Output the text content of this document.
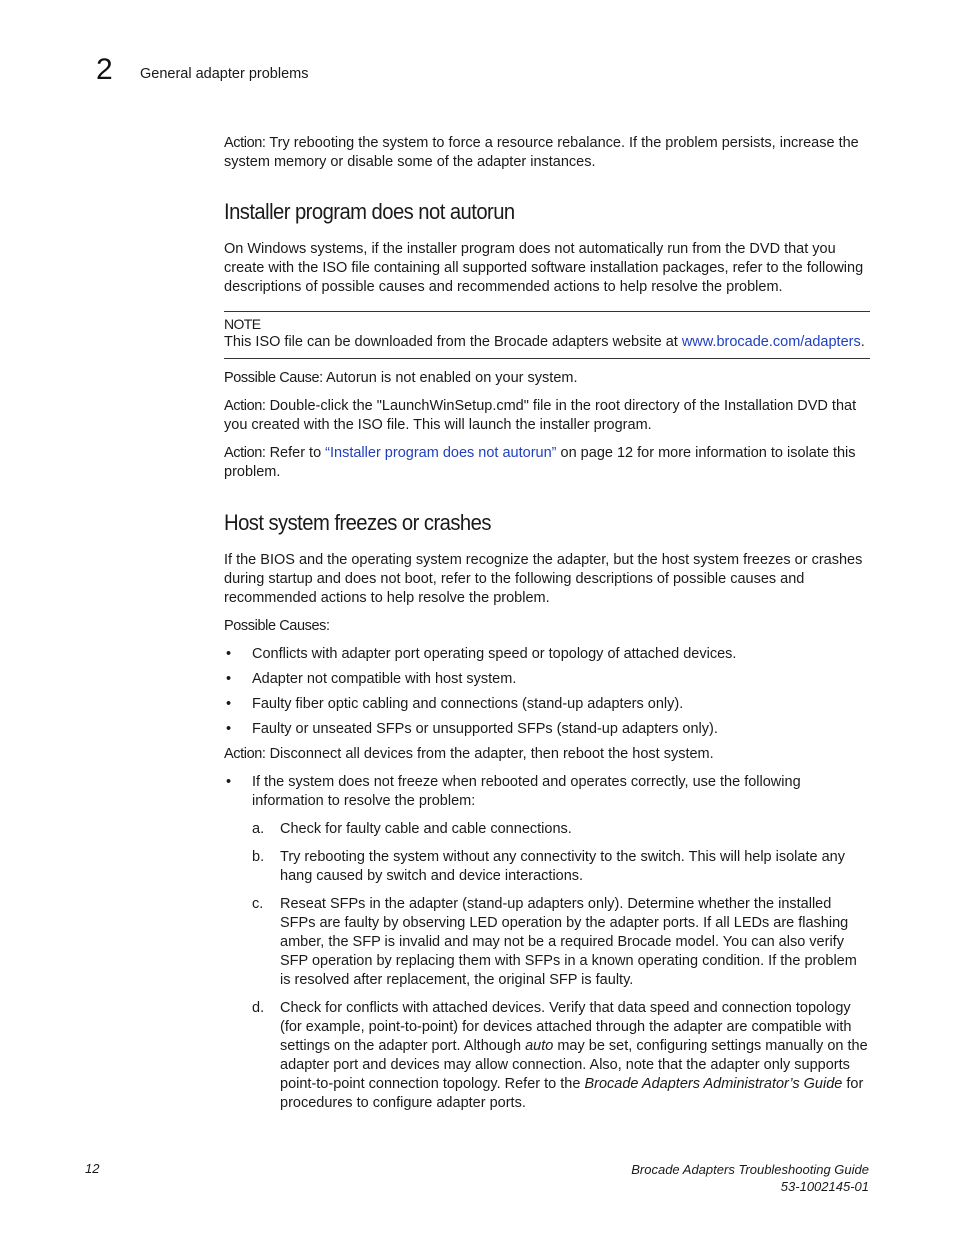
2 General adapter problems

Action: Try rebooting the system to force a resource rebalance. If the problem persists, increase the system memory or disable some of the adapter instances.

Installer program does not autorun

On Windows systems, if the installer program does not automatically run from the DVD that you create with the ISO file containing all supported software installation packages, refer to the following descriptions of possible causes and recommended actions to help resolve the problem.

NOTE

This ISO file can be downloaded from the Brocade adapters website at www.brocade.com/adapters.

Possible Cause: Autorun is not enabled on your system.

Action: Double-click the "LaunchWinSetup.cmd" file in the root directory of the Installation DVD that you created with the ISO file. This will launch the installer program.

Action: Refer to “Installer program does not autorun” on page 12 for more information to isolate this problem.

Host system freezes or crashes

If the BIOS and the operating system recognize the adapter, but the host system freezes or crashes during startup and does not boot, refer to the following descriptions of possible causes and recommended actions to help resolve the problem.

Possible Causes:

• Conflicts with adapter port operating speed or topology of attached devices.
• Adapter not compatible with host system.
• Faulty fiber optic cabling and connections (stand-up adapters only).
• Faulty or unseated SFPs or unsupported SFPs (stand-up adapters only).

Action: Disconnect all devices from the adapter, then reboot the host system.

• If the system does not freeze when rebooted and operates correctly, use the following information to resolve the problem:
a. Check for faulty cable and cable connections.
b. Try rebooting the system without any connectivity to the switch. This will help isolate any hang caused by switch and device interactions.
c. Reseat SFPs in the adapter (stand-up adapters only). Determine whether the installed SFPs are faulty by observing LED operation by the adapter ports. If all LEDs are flashing amber, the SFP is invalid and may not be a required Brocade model. You can also verify SFP operation by replacing them with SFPs in a known operating condition. If the problem is resolved after replacement, the original SFP is faulty.
d. Check for conflicts with attached devices. Verify that data speed and connection topology (for example, point-to-point) for devices attached through the adapter are compatible with settings on the adapter port. Although auto may be set, configuring settings manually on the adapter port and devices may allow connection. Also, note that the adapter only supports point-to-point connection topology. Refer to the Brocade Adapters Administrator’s Guide for procedures to configure adapter ports.
12	Brocade Adapters Troubleshooting Guide
53-1002145-01
